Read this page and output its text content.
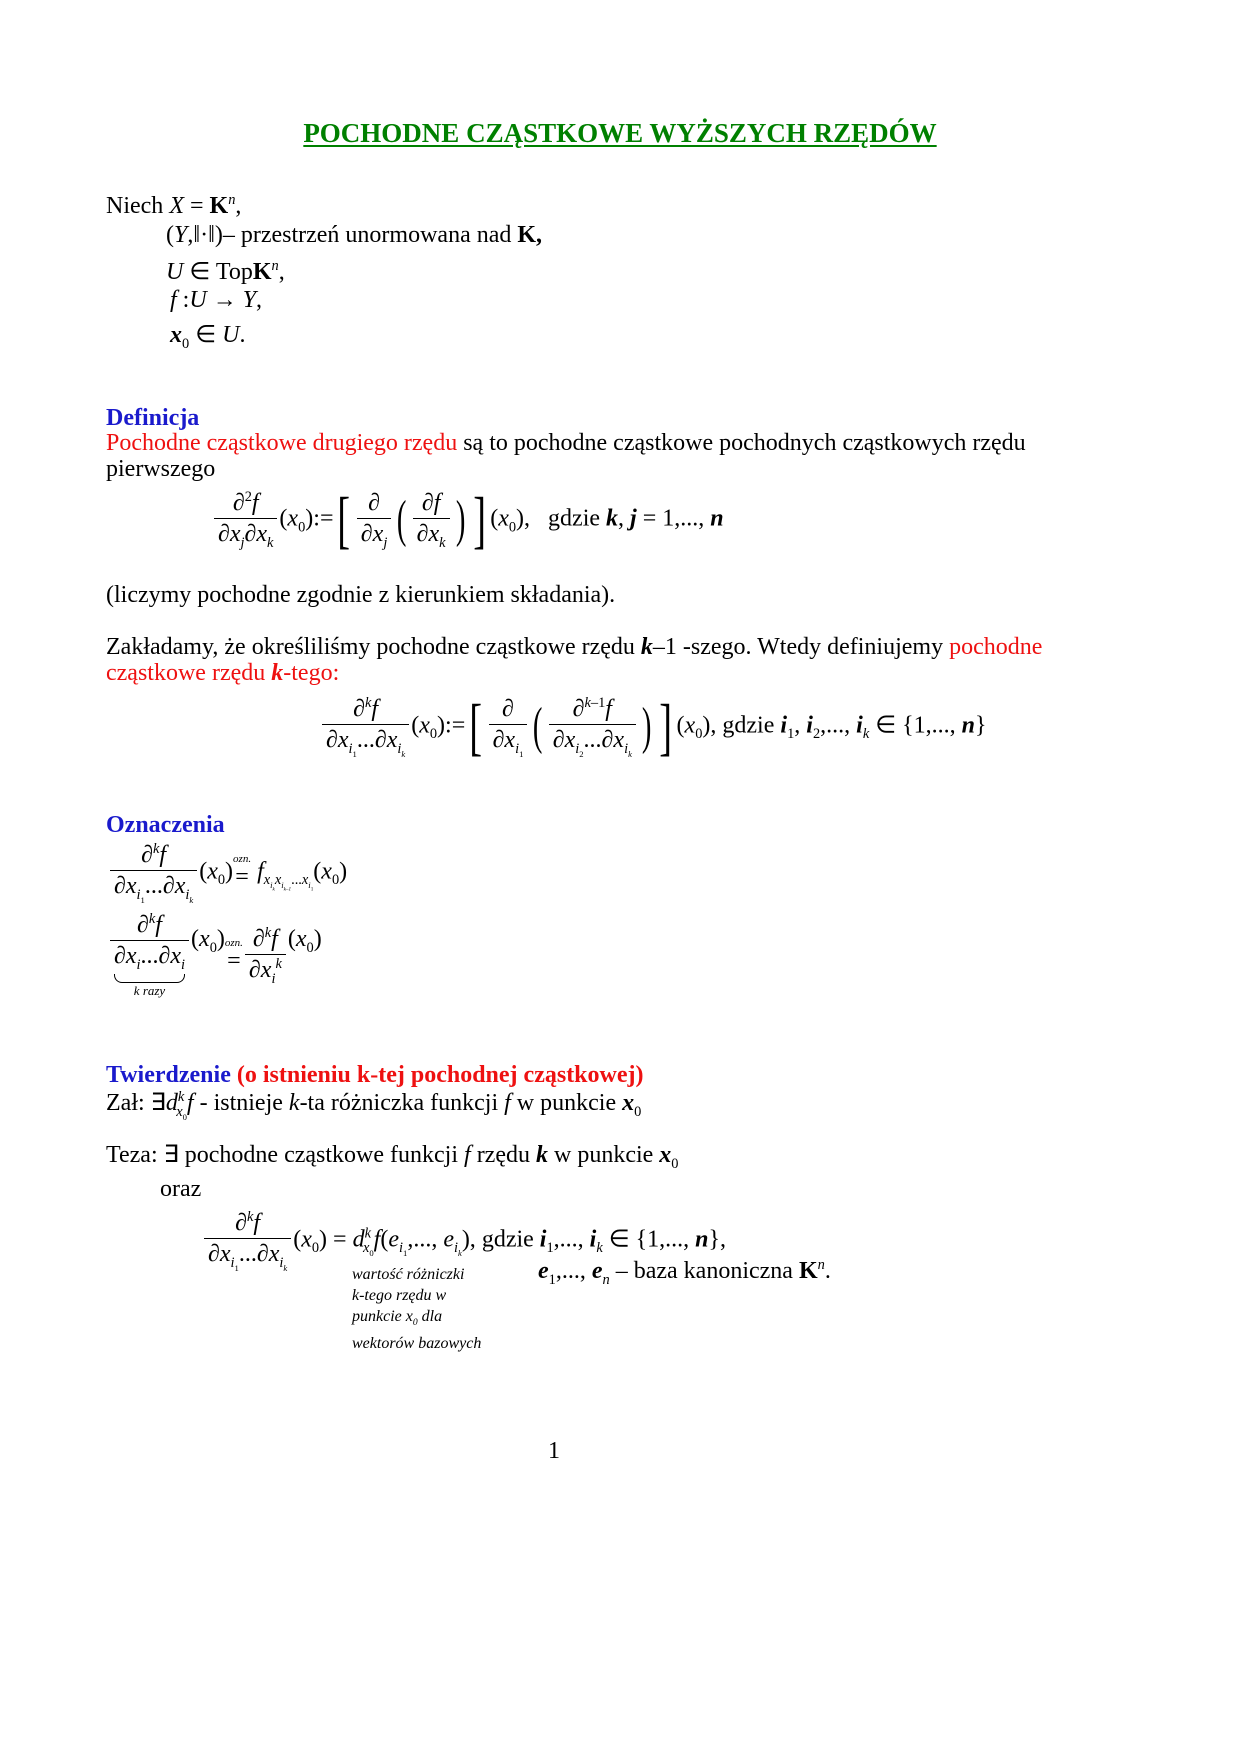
POCHODNE CZĄSTKOWE WYŻSZYCH RZĘDÓW
Niech $X = K^n$,
(Y,‖·‖)– przestrzeń unormowana nad K,
U ∈ TopK$^n$,
f :U → Y,
$x_0$ ∈ U.
Definicja
Pochodne cząstkowe drugiego rzędu są to pochodne cząstkowe pochodnych cząstkowych rzędu
pierwszego
$\frac{\partial^2f}{\partial x_j\partial x_k}$ $(x_0):=$[ ∂
$\partial x_j$ ( $\frac{\partial f}{\partial x_k}$ ) ] $(x_0)$,   gdzie k, j = 1,..., n
(liczymy pochodne zgodnie z kierunkiem składania).
Zakładamy, że określiliśmy pochodne cząstkowe rzędu k–1 -szego. Wtedy definiujemy pochodne
cząstkowe rzędu k-tego:
∂$^k$f
$\partial x_{i_1}...\partial x_{i_k}$
$(x_0):=$[ ∂
$\partial x_{i_1}$ ( ∂$^{k-1}$f
$\partial x_{i_2}...\partial x_{i_k}$ ) ] $(x_0)$, gdzie $i_1$, $i_2$,..., $i_k$ ∈ {1,..., n}
Oznaczenia
∂$^k$f
$\partial x_{i_1}...\partial x_{i_k}$
$(x_0)$ ozn.
= $f_{x_{i_k}x_{i_{k-1}}...x_{i_1}}(x_0)$
∂$^k$f
$\partial x_i...\partial x_i$
k razy
$(x_0)$ ozn.
=
∂$^k$f
$\partial x_i^k$
$(x_0)$
Twierdzenie (o istnieniu k-tej pochodnej cząstkowej)
Zał: $\exists d^k_{x_0}f$ - istnieje k-ta różniczka funkcji f w punkcie $x_0$
Teza: ∃ pochodne cząstkowe funkcji f rzędu k w punkcie $x_0$
oraz
∂$^k$f
$\partial x_{i_1}...\partial x_{i_k}$
$(x_0) = d^k_{x_0}f(e_{i_1}$,..., $e_{i_k}$), gdzie $i_1$,..., $i_k$ ∈ {1,..., n},
$e_1$,..., $e_n$ – baza kanoniczna $K^n$.
wartość różniczki
k-tego rzędu w
punkcie $x_0$ dla
wektorów bazowych
1
